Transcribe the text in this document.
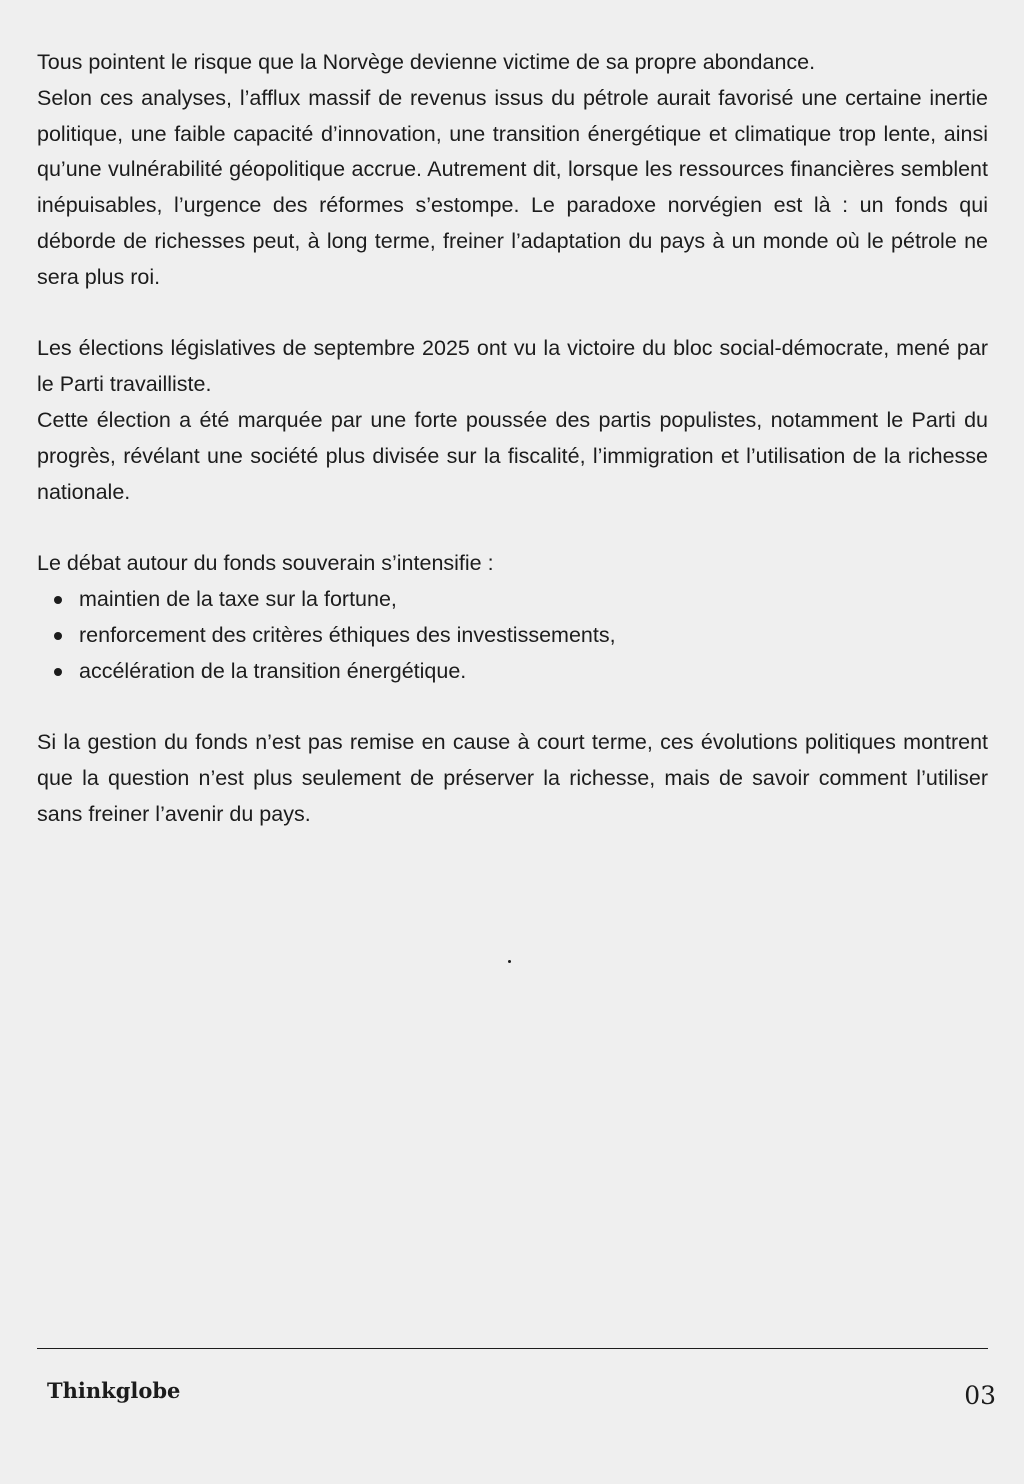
Tous pointent le risque que la Norvège devienne victime de sa propre abondance.

Selon ces analyses, l’afflux massif de revenus issus du pétrole aurait favorisé une certaine inertie politique, une faible capacité d’innovation, une transition énergétique et climatique trop lente, ainsi qu’une vulnérabilité géopolitique accrue. Autrement dit, lorsque les ressources financières semblent inépuisables, l’urgence des réformes s’estompe. Le paradoxe norvégien est là : un fonds qui déborde de richesses peut, à long terme, freiner l’adaptation du pays à un monde où le pétrole ne sera plus roi.

Les élections législatives de septembre 2025 ont vu la victoire du bloc social-démocrate, mené par le Parti travailliste.

Cette élection a été marquée par une forte poussée des partis populistes, notamment le Parti du progrès, révélant une société plus divisée sur la fiscalité, l’immigration et l’utilisation de la richesse nationale.

Le débat autour du fonds souverain s’intensifie :

maintien de la taxe sur la fortune,
renforcement des critères éthiques des investissements,
accélération de la transition énergétique.

Si la gestion du fonds n’est pas remise en cause à court terme, ces évolutions politiques montrent que la question n’est plus seulement de préserver la richesse, mais de savoir comment l’utiliser sans freiner l’avenir du pays.

Thinkglobe	03
